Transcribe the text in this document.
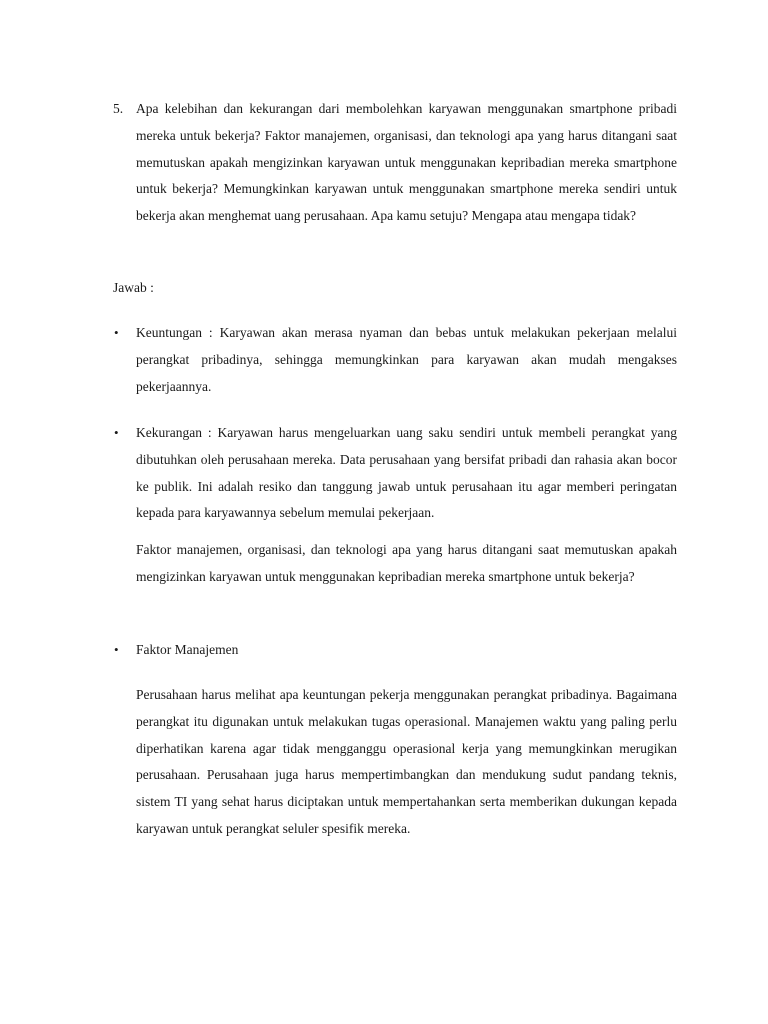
5. Apa kelebihan dan kekurangan dari membolehkan karyawan menggunakan smartphone pribadi mereka untuk bekerja? Faktor manajemen, organisasi, dan teknologi apa yang harus ditangani saat memutuskan apakah mengizinkan karyawan untuk menggunakan kepribadian mereka smartphone untuk bekerja? Memungkinkan karyawan untuk menggunakan smartphone mereka sendiri untuk bekerja akan menghemat uang perusahaan. Apa kamu setuju? Mengapa atau mengapa tidak?

Jawab :

•	Keuntungan : Karyawan akan merasa nyaman dan bebas untuk melakukan pekerjaan melalui perangkat pribadinya, sehingga memungkinkan para karyawan akan mudah mengakses pekerjaannya.

•	Kekurangan : Karyawan harus mengeluarkan uang saku sendiri untuk membeli perangkat yang dibutuhkan oleh perusahaan mereka. Data perusahaan yang bersifat pribadi dan rahasia akan bocor ke publik. Ini adalah resiko dan tanggung jawab untuk perusahaan itu agar memberi peringatan kepada para karyawannya sebelum memulai pekerjaan.

Faktor manajemen, organisasi, dan teknologi apa yang harus ditangani saat memutuskan apakah mengizinkan karyawan untuk menggunakan kepribadian mereka smartphone untuk bekerja?

•	Faktor Manajemen

Perusahaan harus melihat apa keuntungan pekerja menggunakan perangkat pribadinya. Bagaimana perangkat itu digunakan untuk melakukan tugas operasional. Manajemen waktu yang paling perlu diperhatikan karena agar tidak mengganggu operasional kerja yang memungkinkan merugikan perusahaan. Perusahaan juga harus mempertimbangkan dan mendukung sudut pandang teknis, sistem TI yang sehat harus diciptakan untuk mempertahankan serta memberikan dukungan kepada karyawan untuk perangkat seluler spesifik mereka.
